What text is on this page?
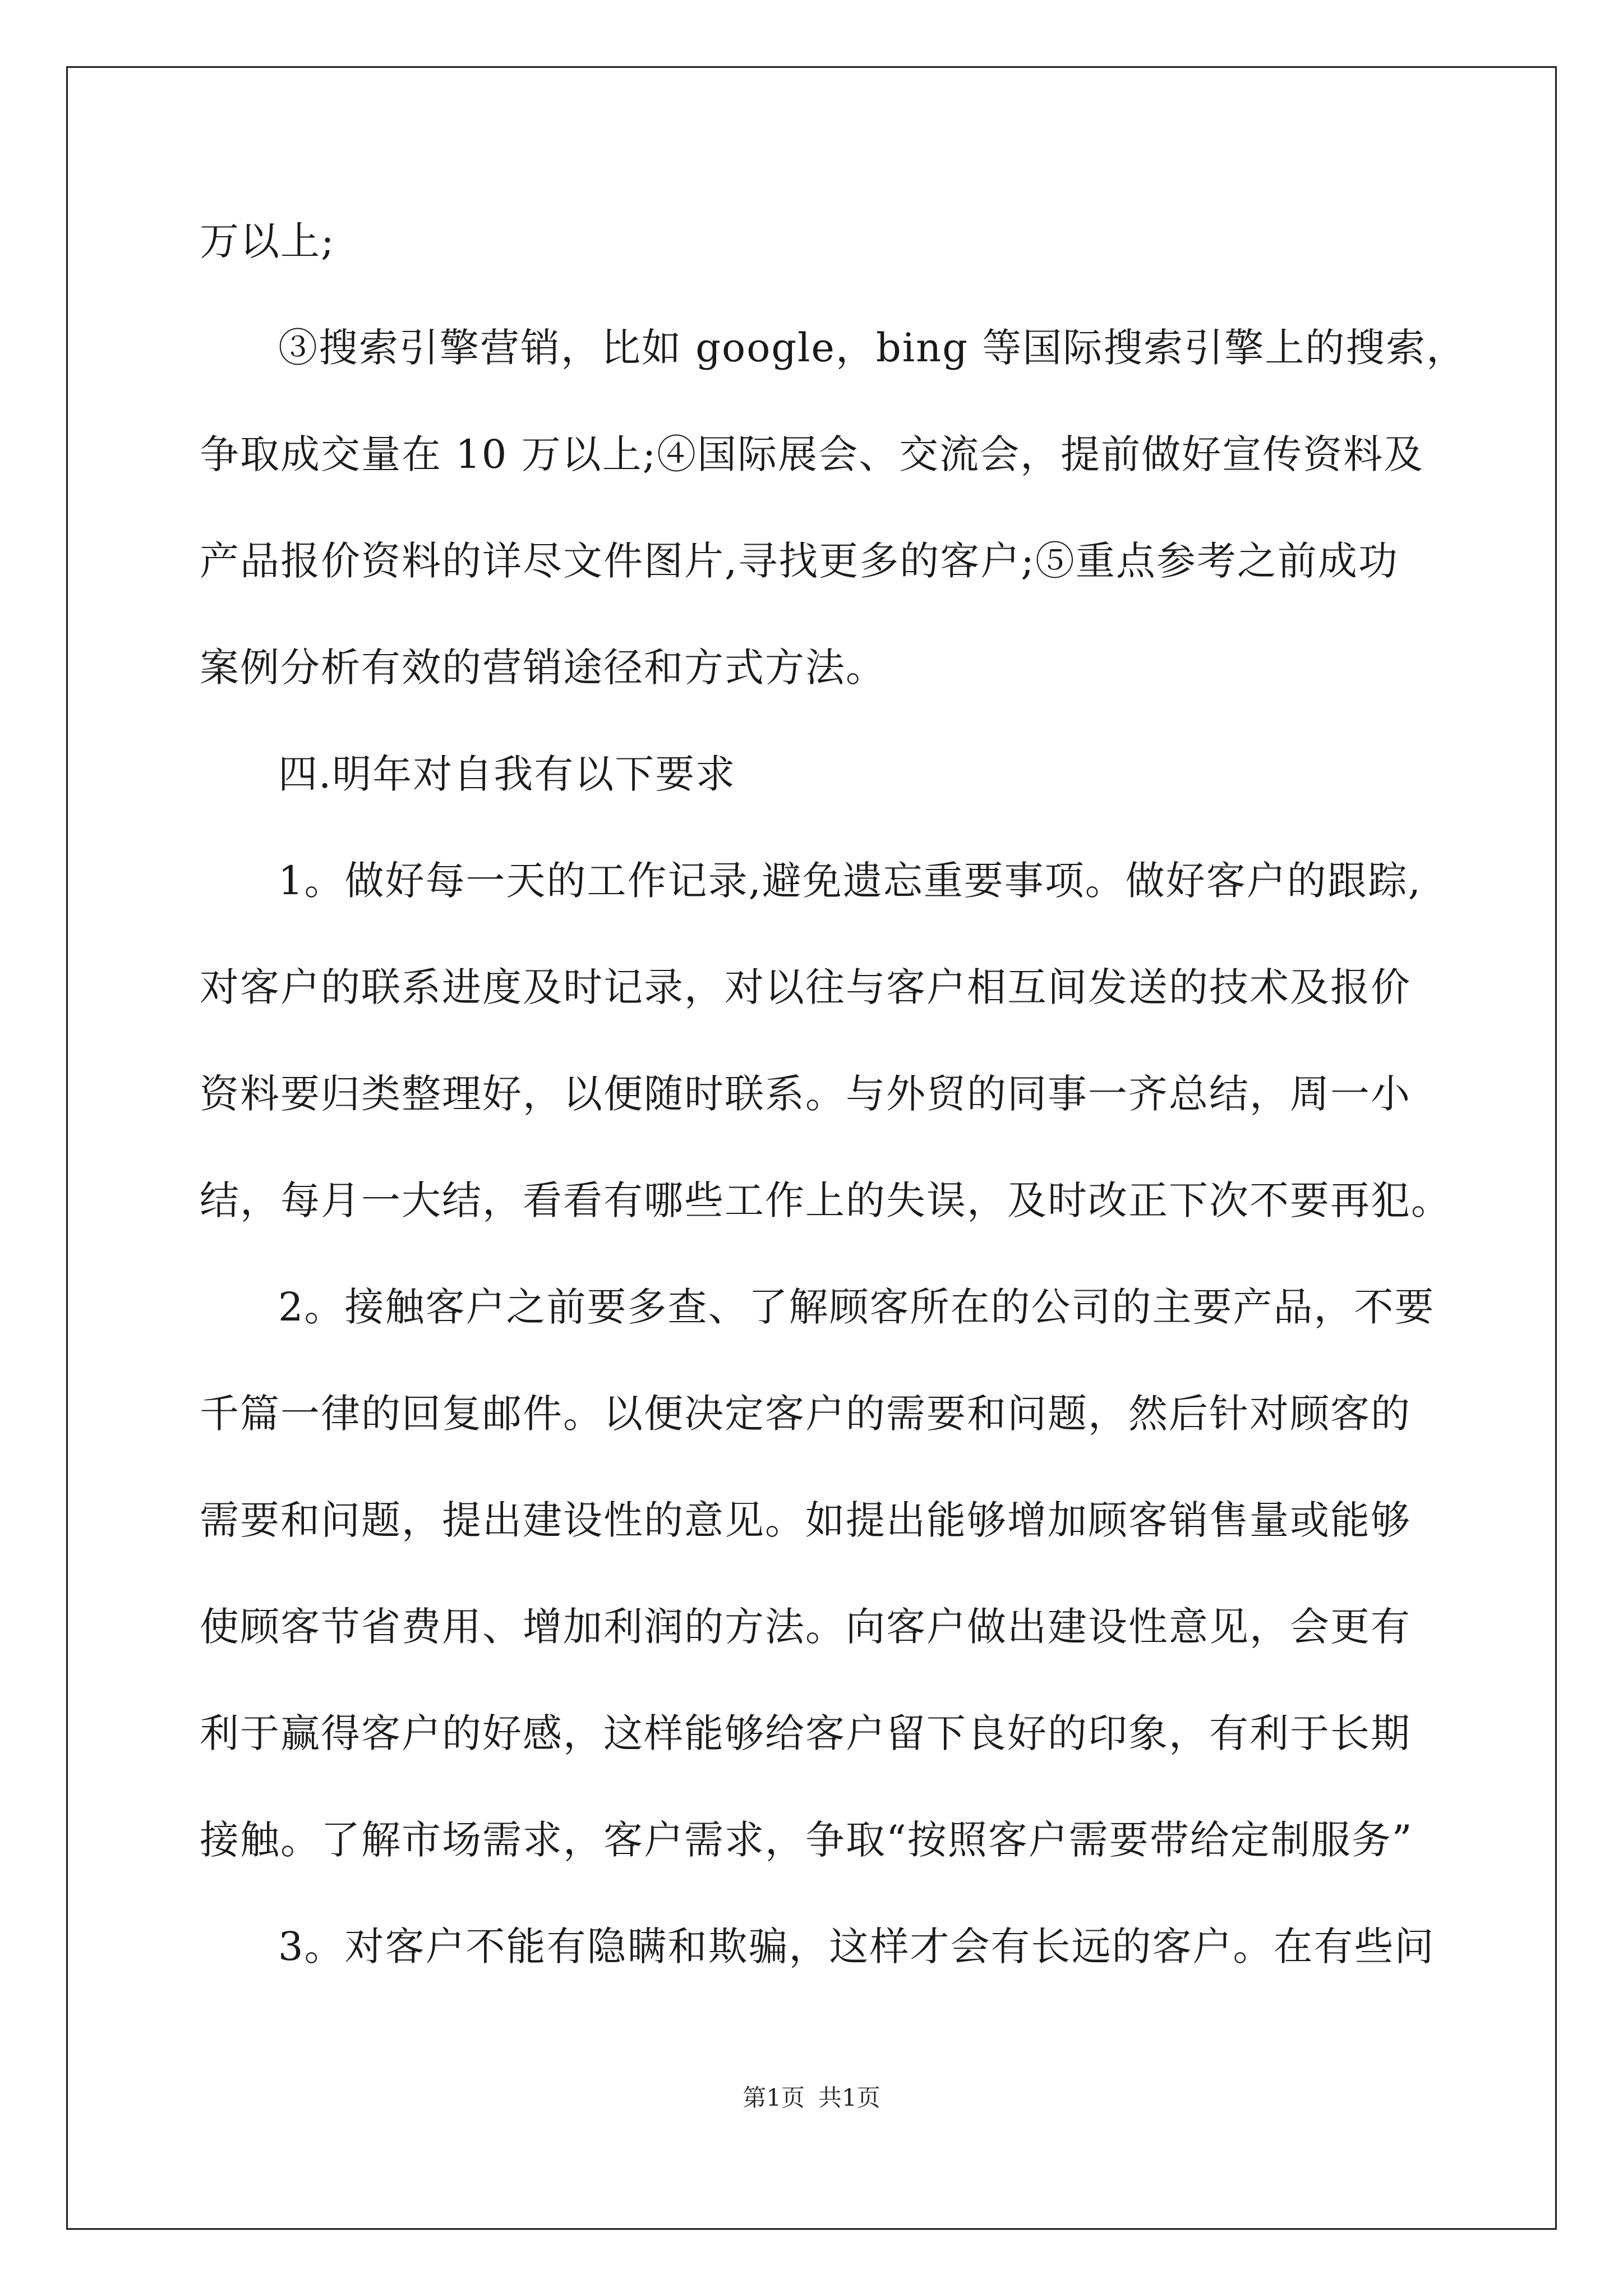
万以上;
③搜索引擎营销，比如 google，bing 等国际搜索引擎上的搜索，
争取成交量在 10 万以上;④国际展会、交流会，提前做好宣传资料及
产品报价资料的详尽文件图片,寻找更多的客户;⑤重点参考之前成功
案例分析有效的营销途径和方式方法。
四.明年对自我有以下要求
1。做好每一天的工作记录,避免遗忘重要事项。做好客户的跟踪,
对客户的联系进度及时记录，对以往与客户相互间发送的技术及报价
资料要归类整理好，以便随时联系。与外贸的同事一齐总结，周一小
结，每月一大结，看看有哪些工作上的失误，及时改正下次不要再犯。
2。接触客户之前要多查、了解顾客所在的公司的主要产品，不要
千篇一律的回复邮件。以便决定客户的需要和问题，然后针对顾客的
需要和问题，提出建设性的意见。如提出能够增加顾客销售量或能够
使顾客节省费用、增加利润的方法。向客户做出建设性意见，会更有
利于赢得客户的好感，这样能够给客户留下良好的印象，有利于长期
接触。了解市场需求，客户需求，争取“按照客户需要带给定制服务”
3。对客户不能有隐瞒和欺骗，这样才会有长远的客户。在有些问
第1页 共1页
